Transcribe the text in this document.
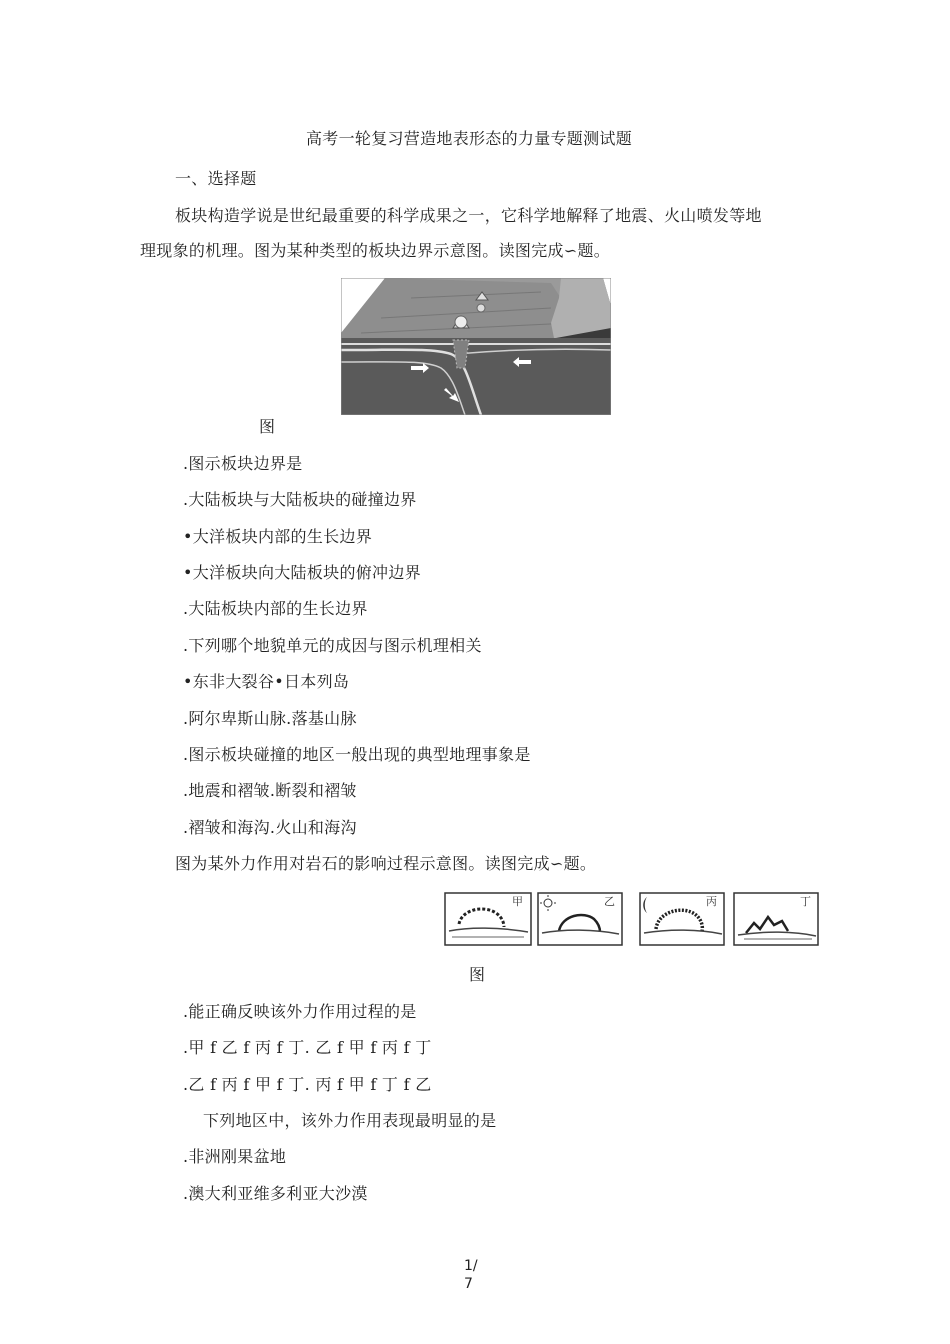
高考一轮复习营造地表形态的力量专题测试题
一、选择题
板块构造学说是世纪最重要的科学成果之一，它科学地解释了地震、火山喷发等地
理现象的机理。图为某种类型的板块边界示意图。读图完成∽题。
图
.图示板块边界是
.大陆板块与大陆板块的碰撞边界
•大洋板块内部的生长边界
•大洋板块向大陆板块的俯冲边界
.大陆板块内部的生长边界
.下列哪个地貌单元的成因与图示机理相关
•东非大裂谷•日本列岛
.阿尔卑斯山脉.落基山脉
.图示板块碰撞的地区一般出现的典型地理事象是
.地震和褶皱.断裂和褶皱
.褶皱和海沟.火山和海沟
图为某外力作用对岩石的影响过程示意图。读图完成∽题。
甲	乙	丙	丁
图
.能正确反映该外力作用过程的是
.甲 f 乙 f 丙 f 丁. 乙 f 甲 f 丙 f 丁
.乙 f 丙 f 甲 f 丁. 丙 f 甲 f 丁 f 乙
下列地区中，该外力作用表现最明显的是
.非洲刚果盆地
.澳大利亚维多利亚大沙漠
1/
7
